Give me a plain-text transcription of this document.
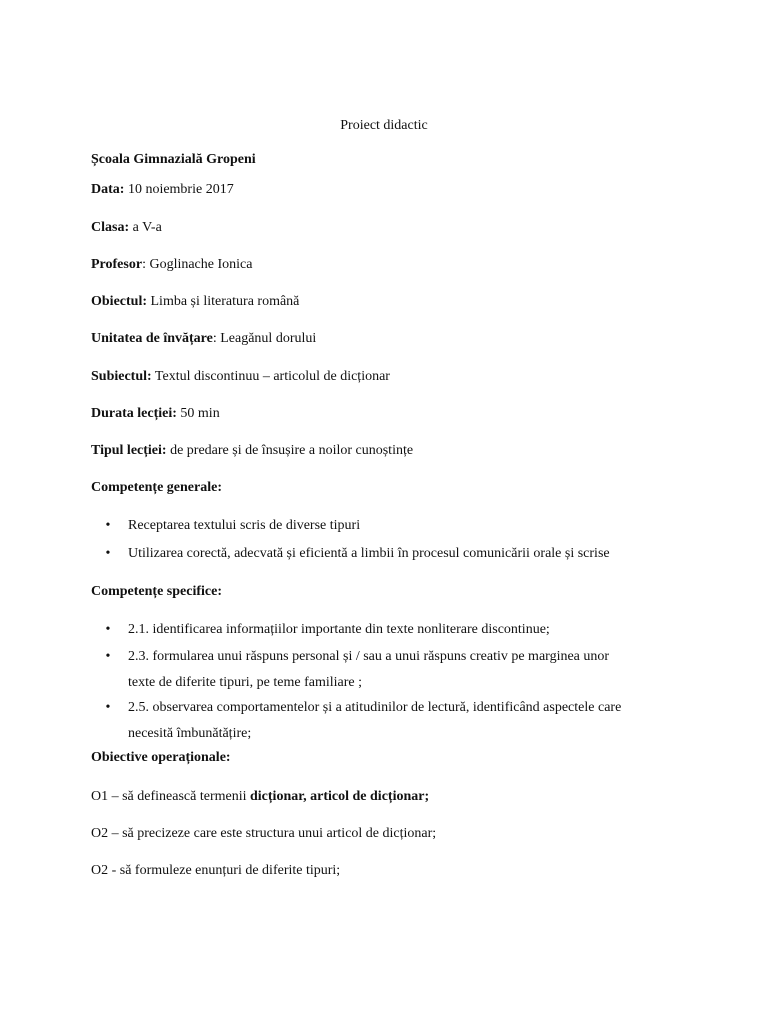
Proiect didactic
Școala Gimnazială Gropeni
Data: 10 noiembrie 2017
Clasa: a V-a
Profesor: Goglinache Ionica
Obiectul: Limba și literatura română
Unitatea de învățare: Leagănul dorului
Subiectul: Textul discontinuu – articolul de dicționar
Durata lecției: 50 min
Tipul lecției: de predare și de însușire a noilor cunoștințe
Competențe generale:
• Receptarea textului scris de diverse tipuri
• Utilizarea corectă, adecvată și eficientă a limbii în procesul comunicării orale și scrise
Competențe specifice:
• 2.1. identificarea informațiilor importante din texte nonliterare discontinue;
• 2.3. formularea unui răspuns personal și / sau a unui răspuns creativ pe marginea unor
texte de diferite tipuri, pe teme familiare ;
• 2.5. observarea comportamentelor și a atitudinilor de lectură, identificând aspectele care
necesită îmbunătățire;
Obiective operaționale:
O1 – să definească termenii dicționar, articol de dicționar;
O2 – să precizeze care este structura unui articol de dicționar;
O2 - să formuleze enunțuri de diferite tipuri;
